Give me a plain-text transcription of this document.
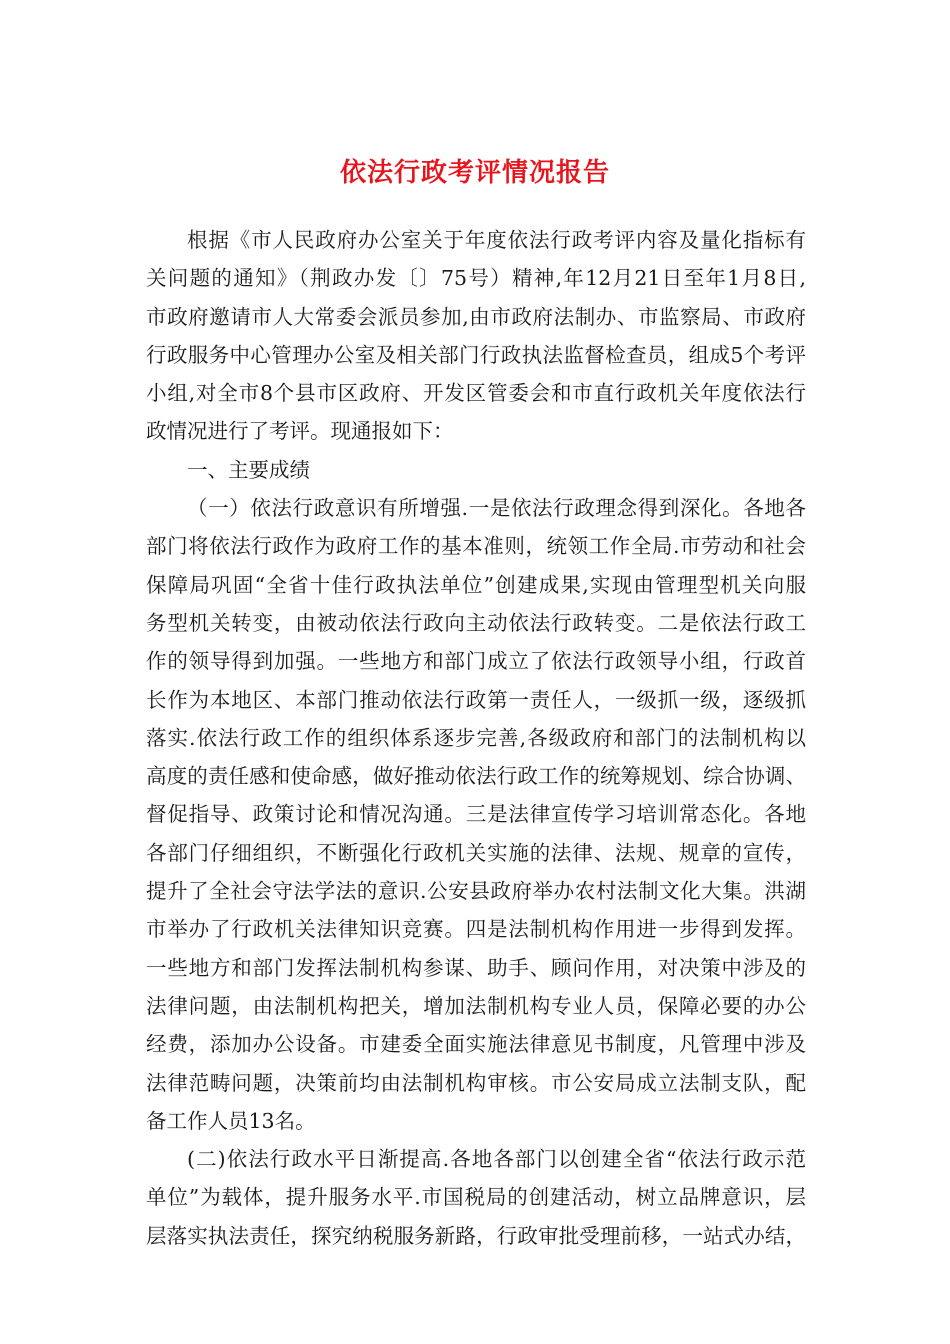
依法行政考评情况报告
根据《市人民政府办公室关于年度依法行政考评内容及量化指标有
关问题的通知》（荆政办发〔〕75号）精神,年12月21日至年1月8日,
市政府邀请市人大常委会派员参加,由市政府法制办、市监察局、市政府
行政服务中心管理办公室及相关部门行政执法监督检查员，组成5个考评
小组,对全市8个县市区政府、开发区管委会和市直行政机关年度依法行
政情况进行了考评。现通报如下：
一、主要成绩
（一）依法行政意识有所增强.一是依法行政理念得到深化。各地各
部门将依法行政作为政府工作的基本准则，统领工作全局.市劳动和社会
保障局巩固“全省十佳行政执法单位”创建成果,实现由管理型机关向服
务型机关转变，由被动依法行政向主动依法行政转变。二是依法行政工
作的领导得到加强。一些地方和部门成立了依法行政领导小组，行政首
长作为本地区、本部门推动依法行政第一责任人，一级抓一级，逐级抓
落实.依法行政工作的组织体系逐步完善,各级政府和部门的法制机构以
高度的责任感和使命感，做好推动依法行政工作的统筹规划、综合协调、
督促指导、政策讨论和情况沟通。三是法律宣传学习培训常态化。各地
各部门仔细组织，不断强化行政机关实施的法律、法规、规章的宣传，
提升了全社会守法学法的意识.公安县政府举办农村法制文化大集。洪湖
市举办了行政机关法律知识竞赛。四是法制机构作用进一步得到发挥。
一些地方和部门发挥法制机构参谋、助手、顾问作用，对决策中涉及的
法律问题，由法制机构把关，增加法制机构专业人员，保障必要的办公
经费，添加办公设备。市建委全面实施法律意见书制度，凡管理中涉及
法律范畴问题，决策前均由法制机构审核。市公安局成立法制支队，配
备工作人员13名。
(二)依法行政水平日渐提高.各地各部门以创建全省“依法行政示范
单位”为载体，提升服务水平.市国税局的创建活动，树立品牌意识，层
层落实执法责任，探究纳税服务新路，行政审批受理前移，一站式办结，
